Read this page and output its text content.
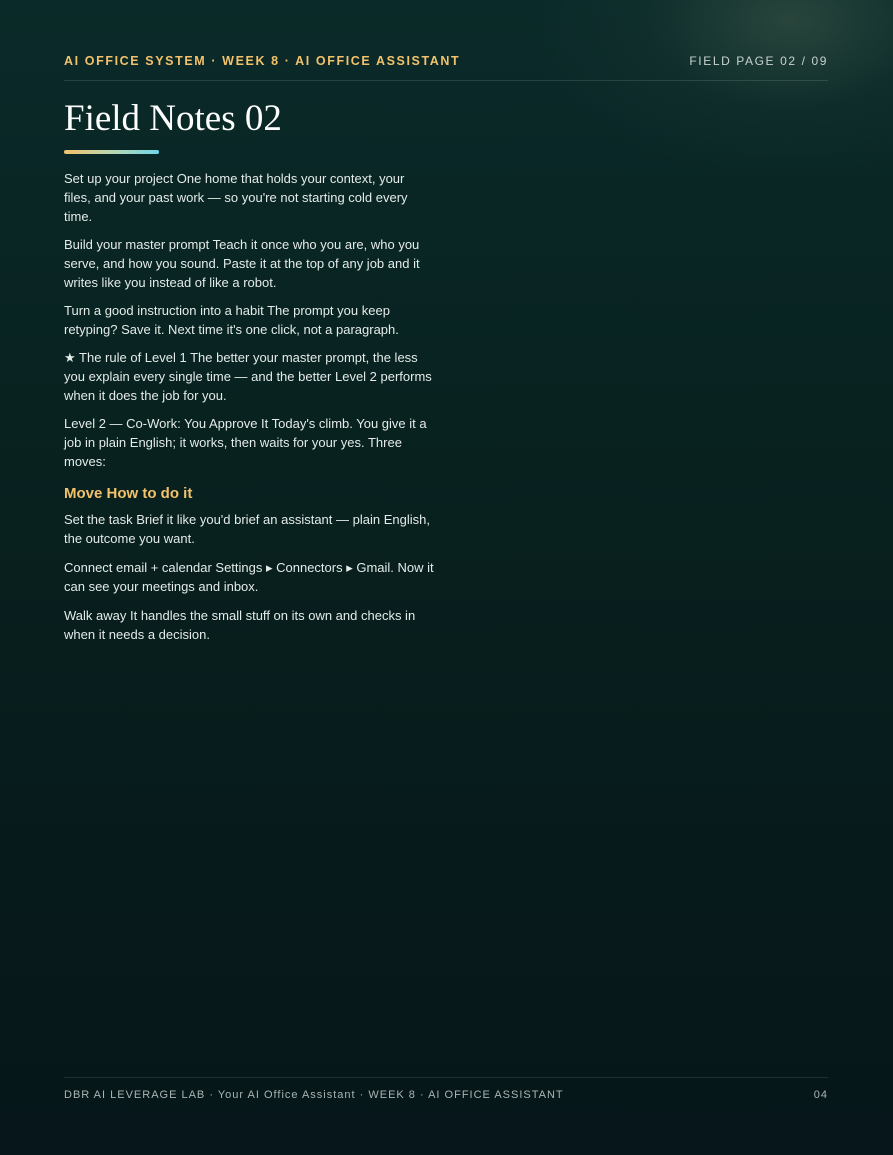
AI OFFICE SYSTEM · WEEK 8 · AI OFFICE ASSISTANT	FIELD PAGE 02 / 09
Field Notes 02

Set up your project One home that holds your context, your files, and your past work — so you're not starting cold every time.

Build your master prompt Teach it once who you are, who you serve, and how you sound. Paste it at the top of any job and it writes like you instead of like a robot.

Turn a good instruction into a habit The prompt you keep retyping? Save it. Next time it's one click, not a paragraph.

★ The rule of Level 1 The better your master prompt, the less you explain every single time — and the better Level 2 performs when it does the job for you.

Level 2 — Co-Work: You Approve It Today's climb. You give it a job in plain English; it works, then waits for your yes. Three moves:

Move How to do it

Set the task Brief it like you'd brief an assistant — plain English, the outcome you want.

Connect email + calendar Settings ▸ Connectors ▸ Gmail. Now it can see your meetings and inbox.

Walk away It handles the small stuff on its own and checks in when it needs a decision.

DBR AI LEVERAGE LAB · Your AI Office Assistant · WEEK 8 · AI OFFICE ASSISTANT	04
